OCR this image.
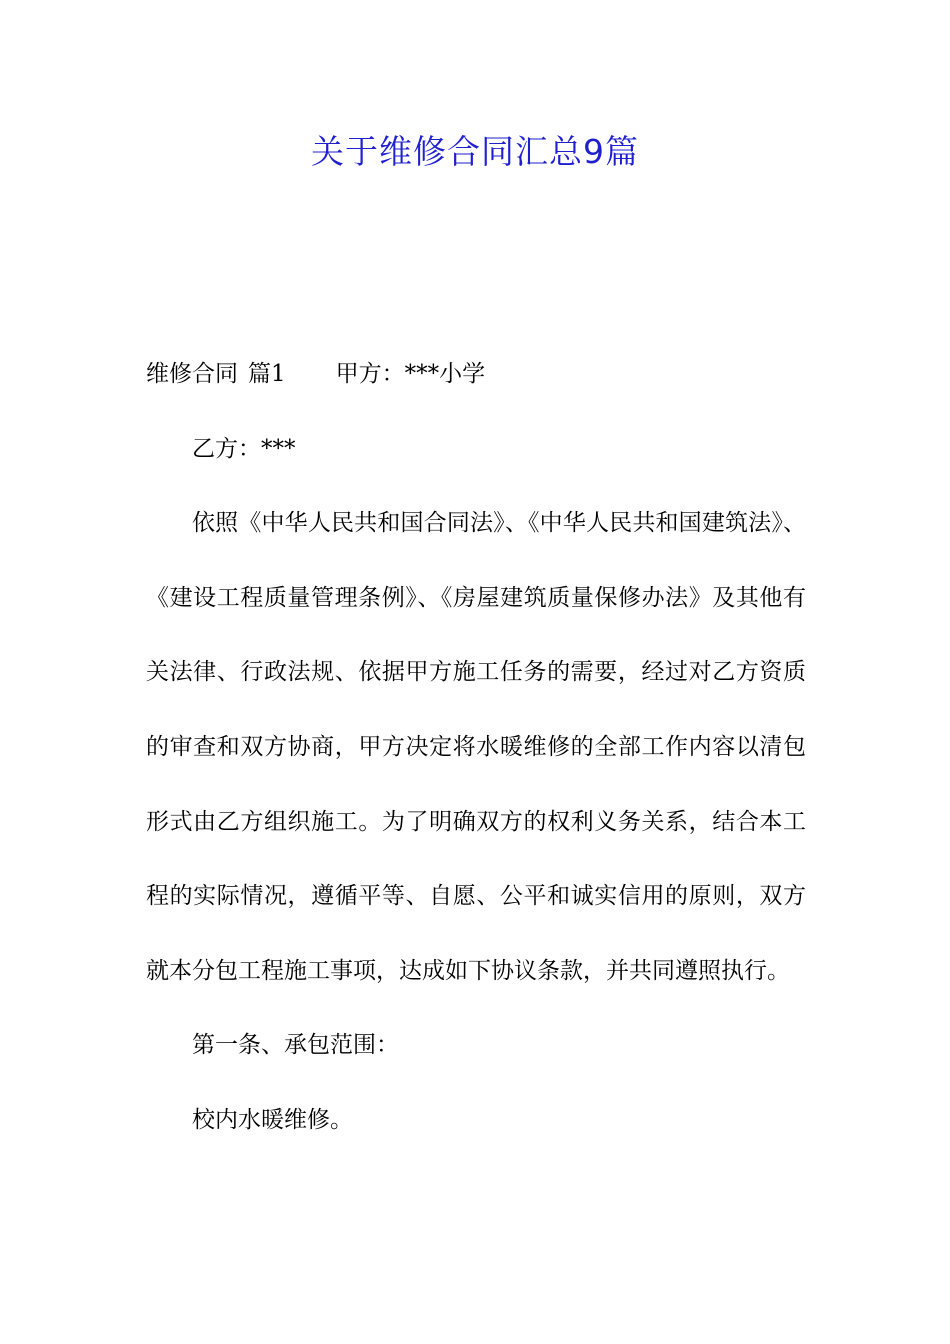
关于维修合同汇总9篇

维修合同 篇1 甲方：***小学

乙方：***

依照《中华人民共和国合同法》、《中华人民共和国建筑法》、《建设工程质量管理条例》、《房屋建筑质量保修办法》及其他有关法律、行政法规、依据甲方施工任务的需要，经过对乙方资质的审查和双方协商，甲方决定将水暖维修的全部工作内容以清包形式由乙方组织施工。为了明确双方的权利义务关系，结合本工程的实际情况，遵循平等、自愿、公平和诚实信用的原则，双方就本分包工程施工事项，达成如下协议条款，并共同遵照执行。

第一条、承包范围：

校内水暖维修。
